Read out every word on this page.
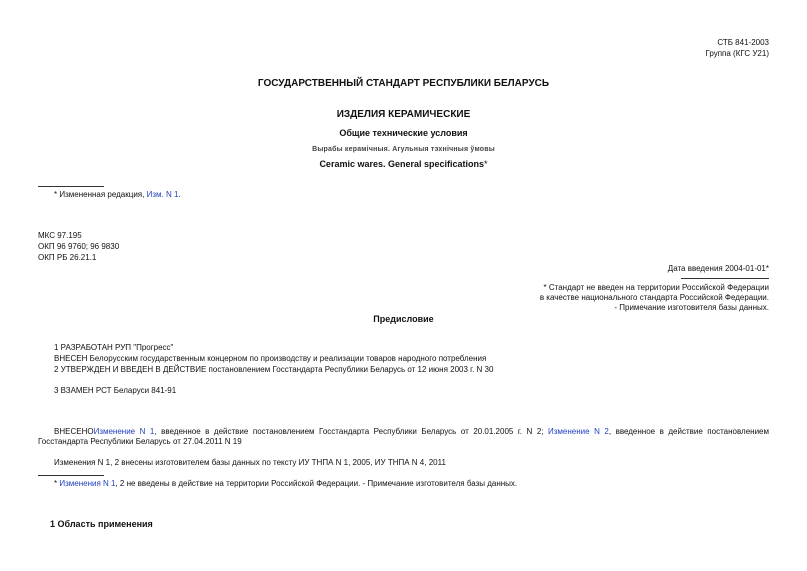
СТБ 841-2003
Группа (КГС У21)
ГОСУДАРСТВЕННЫЙ СТАНДАРТ РЕСПУБЛИКИ БЕЛАРУСЬ
ИЗДЕЛИЯ КЕРАМИЧЕСКИЕ
Общие технические условия
Вырабы керамiчныя. Агульныя тэхнiчныя ўмовы
Ceramic wares. General specifications*
* Измененная редакция, Изм. N 1.
МКС 97.195
ОКП 96 9760; 96 9830
ОКП РБ 26.21.1
Дата введения 2004-01-01*
* Стандарт не введен на территории Российской Федерации
в качестве национального стандарта Российской Федерации.
- Примечание изготовителя базы данных.
Предисловие
1 РАЗРАБОТАН РУП "Прогресс"
ВНЕСЕН Белорусским государственным концерном по производству и реализации товаров народного потребления
2 УТВЕРЖДЕН И ВВЕДЕН В ДЕЙСТВИЕ постановлением Госстандарта Республики Беларусь от 12 июня 2003 г. N 30
3 ВЗАМЕН РСТ Беларуси 841-91
ВНЕСЕНОИзменение N 1, введенное в действие постановлением Госстандарта Республики Беларусь от 20.01.2005 г. N 2; Изменение N 2, введенное в действие постановлением Госстандарта Республики Беларусь от 27.04.2011 N 19
Изменения N 1, 2 внесены изготовителем базы данных по тексту ИУ ТНПА N 1, 2005, ИУ ТНПА N 4, 2011
* Изменения N 1, 2 не введены в действие на территории Российской Федерации. - Примечание изготовителя базы данных.
1 Область применения
